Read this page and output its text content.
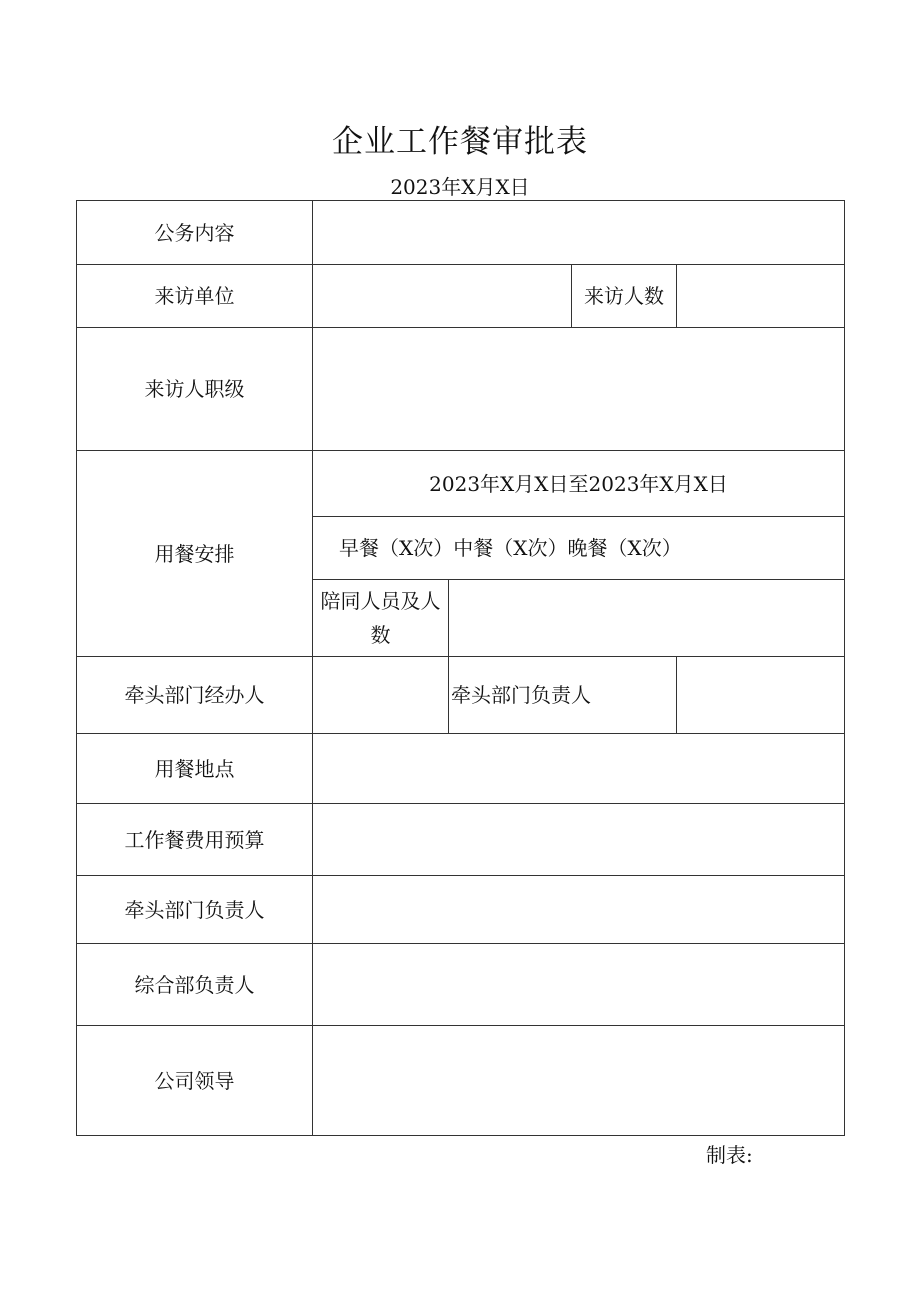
企业工作餐审批表
2023年X月X日
公务内容				
来访单位			来访人数	
来访人职级				
用餐安排	2023年X月X日至2023年X月X日			
	早餐（X次）中餐（X次）晚餐（X次）			
	陪同人员及人数			
牵头部门经办人		牵头部门负责人		
用餐地点				
工作餐费用预算				
牵头部门负责人				
综合部负责人				
公司领导				
制表:
